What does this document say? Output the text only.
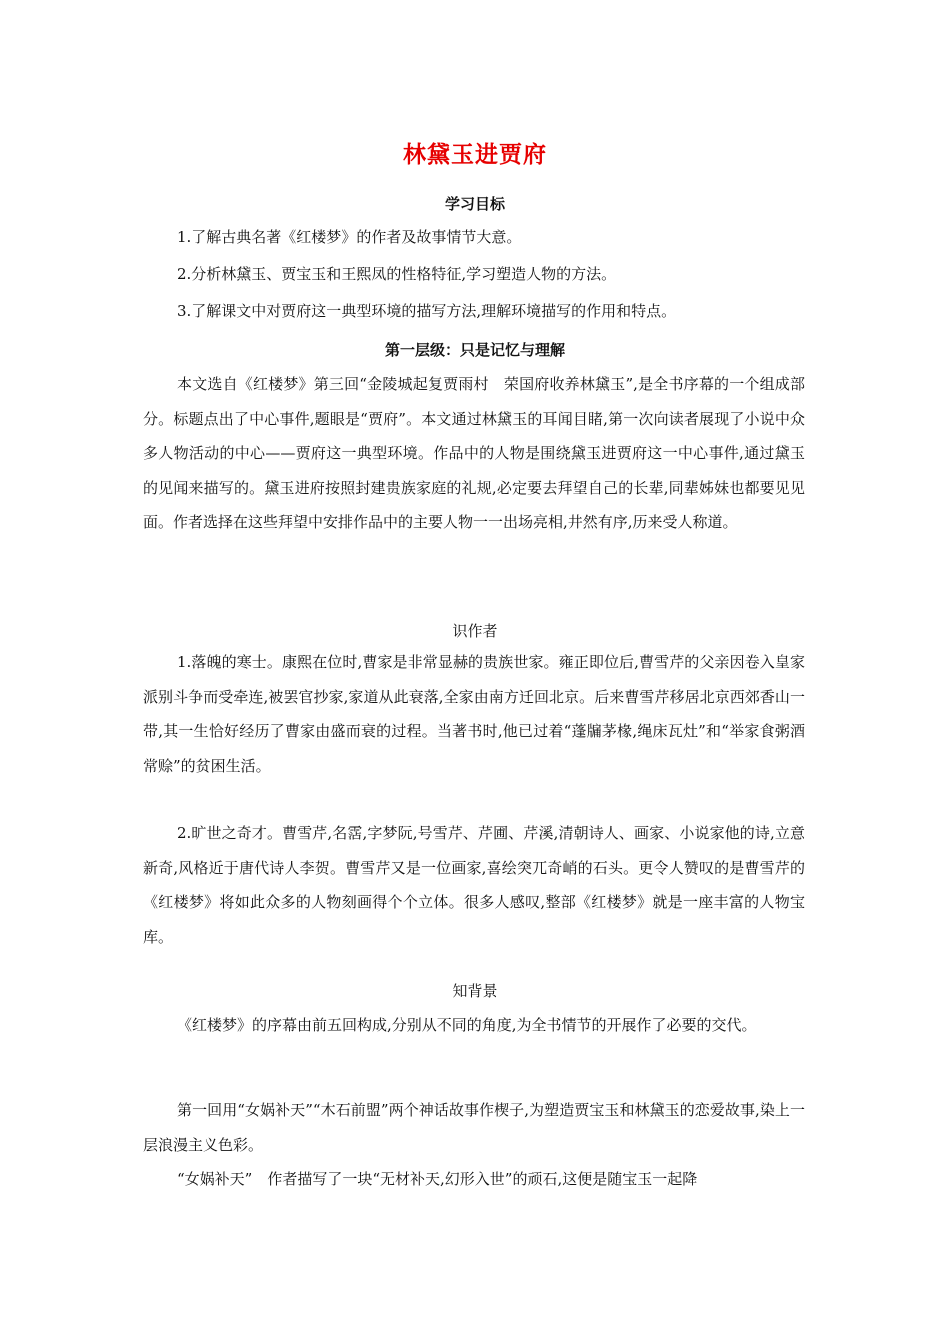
林黛玉进贾府
学习目标

1.了解古典名著《红楼梦》的作者及故事情节大意。

2.分析林黛玉、贾宝玉和王熙凤的性格特征,学习塑造人物的方法。

3.了解课文中对贾府这一典型环境的描写方法,理解环境描写的作用和特点。

第一层级：只是记忆与理解

本文选自《红楼梦》第三回“金陵城起复贾雨村　荣国府收养林黛玉”,是全书序幕的一个组成部分。标题点出了中心事件,题眼是“贾府”。本文通过林黛玉的耳闻目睹,第一次向读者展现了小说中众多人物活动的中心——贾府这一典型环境。作品中的人物是围绕黛玉进贾府这一中心事件,通过黛玉的见闻来描写的。黛玉进府按照封建贵族家庭的礼规,必定要去拜望自己的长辈,同辈姊妹也都要见见面。作者选择在这些拜望中安排作品中的主要人物一一出场亮相,井然有序,历来受人称道。

识作者

1.落魄的寒士。康熙在位时,曹家是非常显赫的贵族世家。雍正即位后,曹雪芹的父亲因卷入皇家派别斗争而受牵连,被罢官抄家,家道从此衰落,全家由南方迁回北京。后来曹雪芹移居北京西郊香山一带,其一生恰好经历了曹家由盛而衰的过程。当著书时,他已过着“蓬牖茅椽,绳床瓦灶”和“举家食粥酒常赊”的贫困生活。

2.旷世之奇才。曹雪芹,名霑,字梦阮,号雪芹、芹圃、芹溪,清朝诗人、画家、小说家他的诗,立意新奇,风格近于唐代诗人李贺。曹雪芹又是一位画家,喜绘突兀奇峭的石头。更令人赞叹的是曹雪芹的《红楼梦》将如此众多的人物刻画得个个立体。很多人感叹,整部《红楼梦》就是一座丰富的人物宝库。

知背景

《红楼梦》的序幕由前五回构成,分别从不同的角度,为全书情节的开展作了必要的交代。

第一回用“女娲补天”“木石前盟”两个神话故事作楔子,为塑造贾宝玉和林黛玉的恋爱故事,染上一层浪漫主义色彩。

“女娲补天”　作者描写了一块“无材补天,幻形入世”的顽石,这便是随宝玉一起降
